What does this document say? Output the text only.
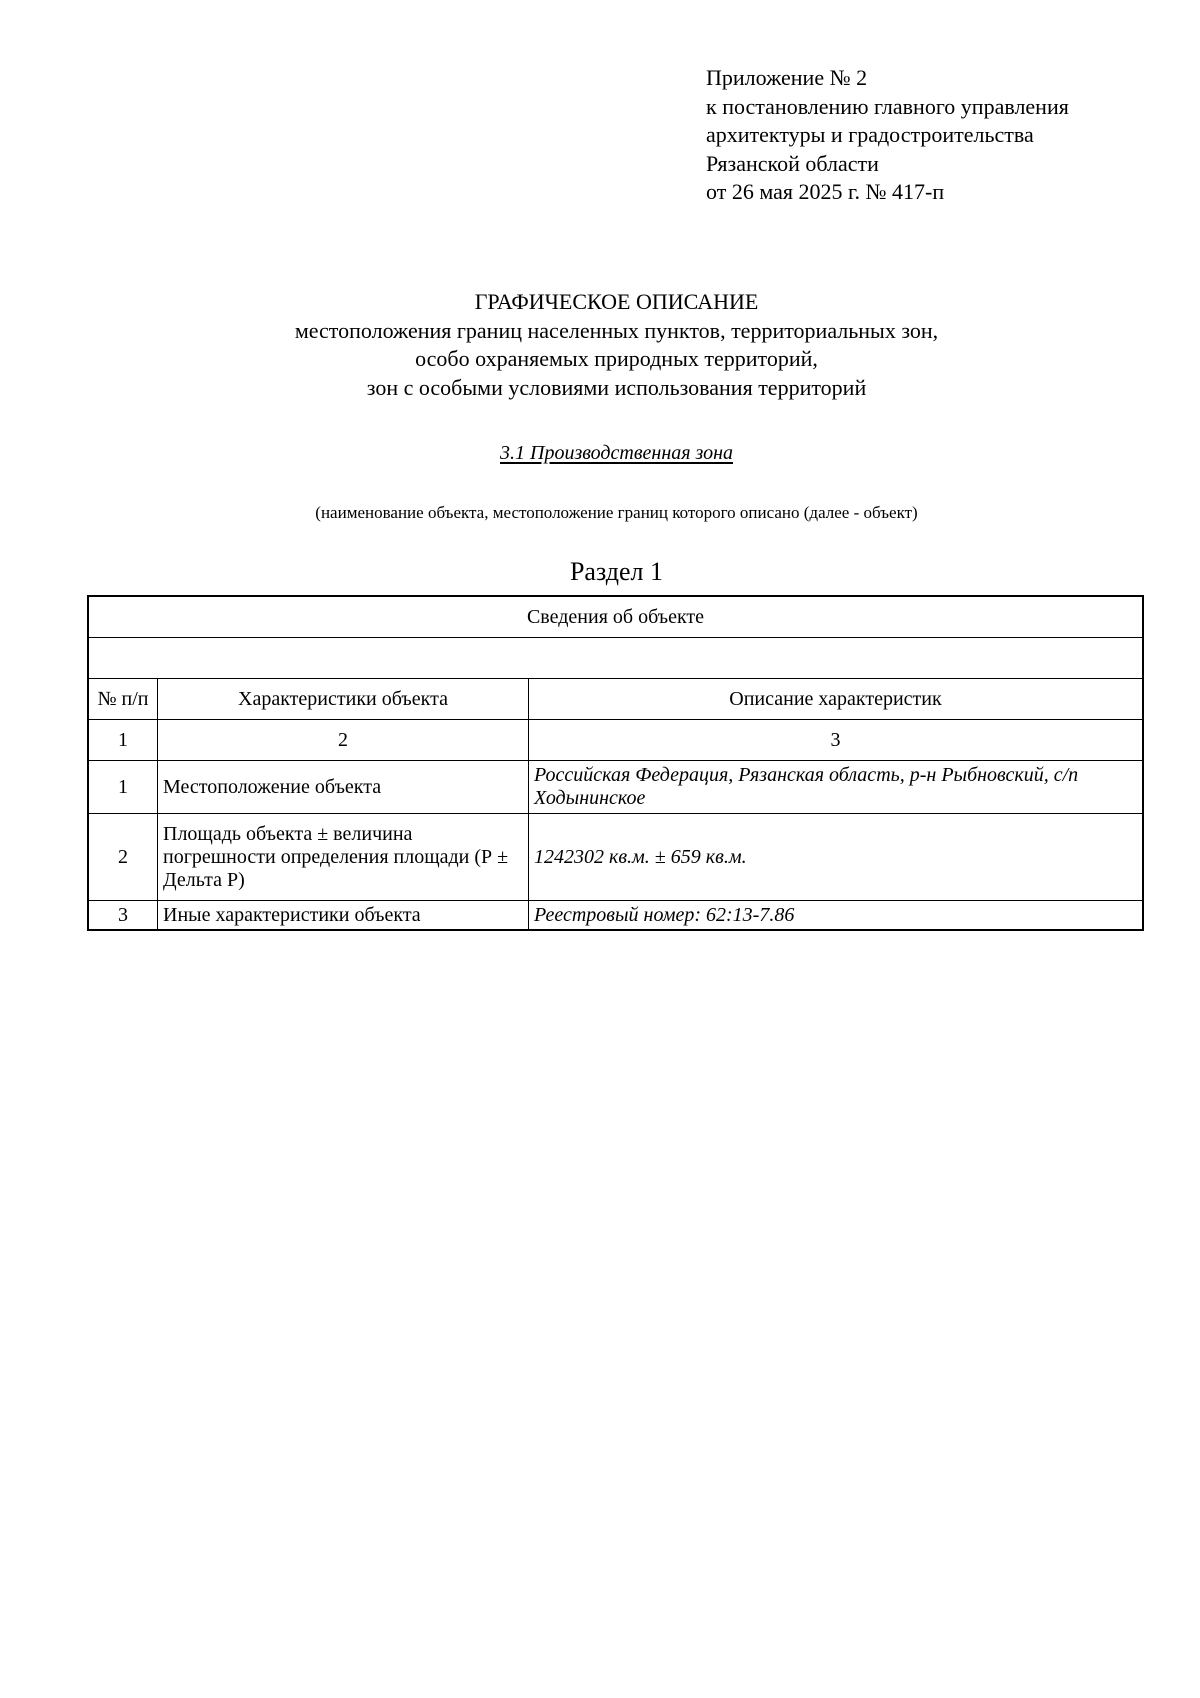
Приложение № 2
к постановлению главного управления
архитектуры и градостроительства
Рязанской области
от 26 мая 2025 г. № 417-п
ГРАФИЧЕСКОЕ ОПИСАНИЕ
местоположения границ населенных пунктов, территориальных зон,
особо охраняемых природных территорий,
зон с особыми условиями использования территорий
3.1 Производственная зона
(наименование объекта, местоположение границ которого описано (далее - объект)
Раздел 1
Сведения об объекте		

№ п/п	Характеристики объекта	Описание характеристик
1	2	3
1	Местоположение объекта	Российская Федерация, Рязанская область, р-н Рыбновский, с/п Ходынинское
2	Площадь объекта ± величина погрешности определения площади (Р ± Дельта Р)	1242302 кв.м. ± 659 кв.м.
3	Иные характеристики объекта	Реестровый номер: 62:13-7.86
